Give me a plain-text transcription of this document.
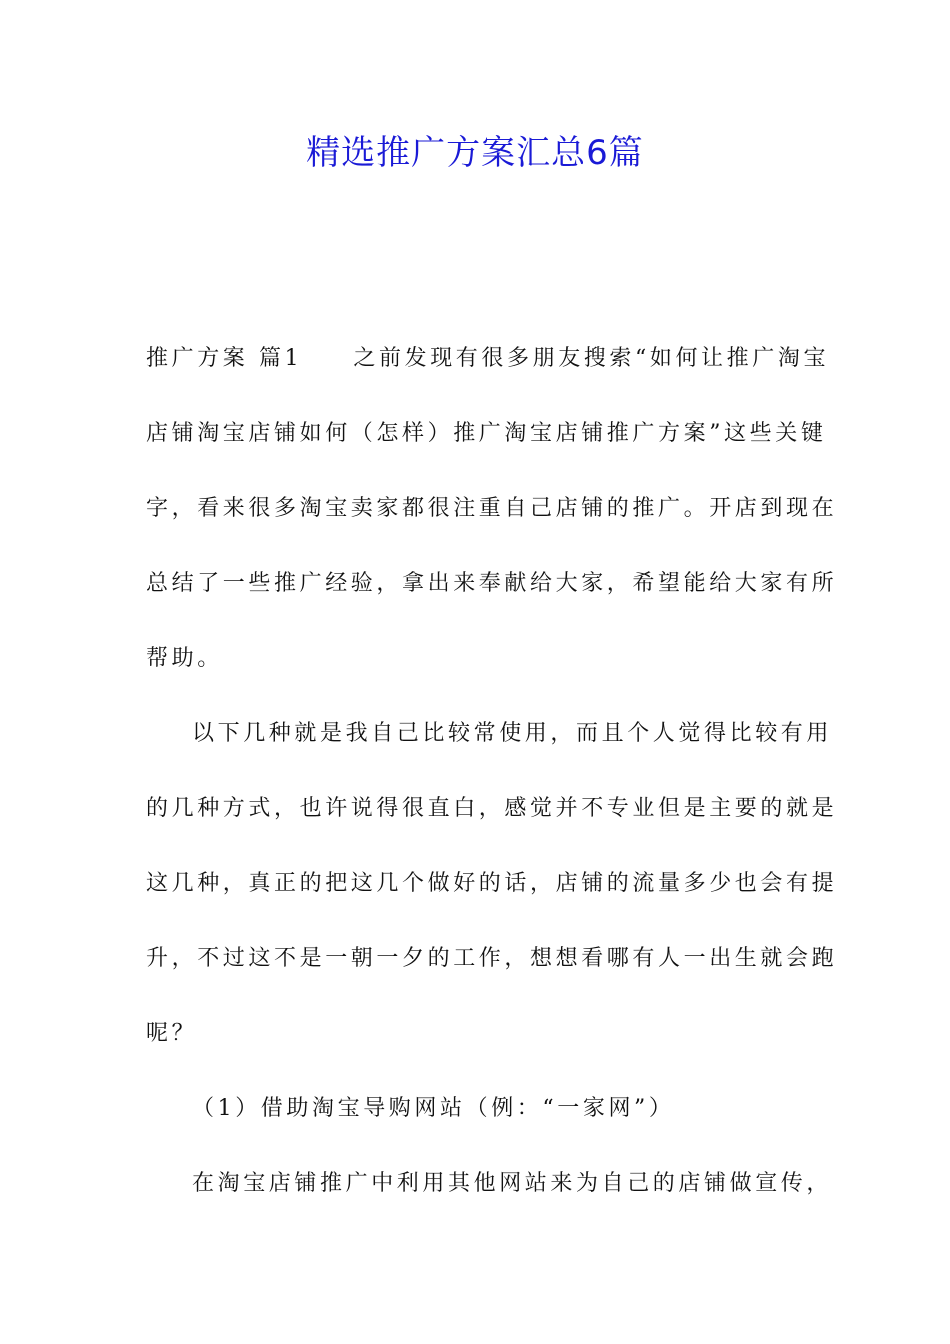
精选推广方案汇总6篇
推广方案 篇1　　之前发现有很多朋友搜索“如何让推广淘宝
店铺淘宝店铺如何（怎样）推广淘宝店铺推广方案”这些关键
字，看来很多淘宝卖家都很注重自己店铺的推广。开店到现在
总结了一些推广经验，拿出来奉献给大家，希望能给大家有所
帮助。
以下几种就是我自己比较常使用，而且个人觉得比较有用
的几种方式，也许说得很直白，感觉并不专业但是主要的就是
这几种，真正的把这几个做好的话，店铺的流量多少也会有提
升，不过这不是一朝一夕的工作，想想看哪有人一出生就会跑
呢？
（1）借助淘宝导购网站（例：“一家网”）
在淘宝店铺推广中利用其他网站来为自己的店铺做宣传，
